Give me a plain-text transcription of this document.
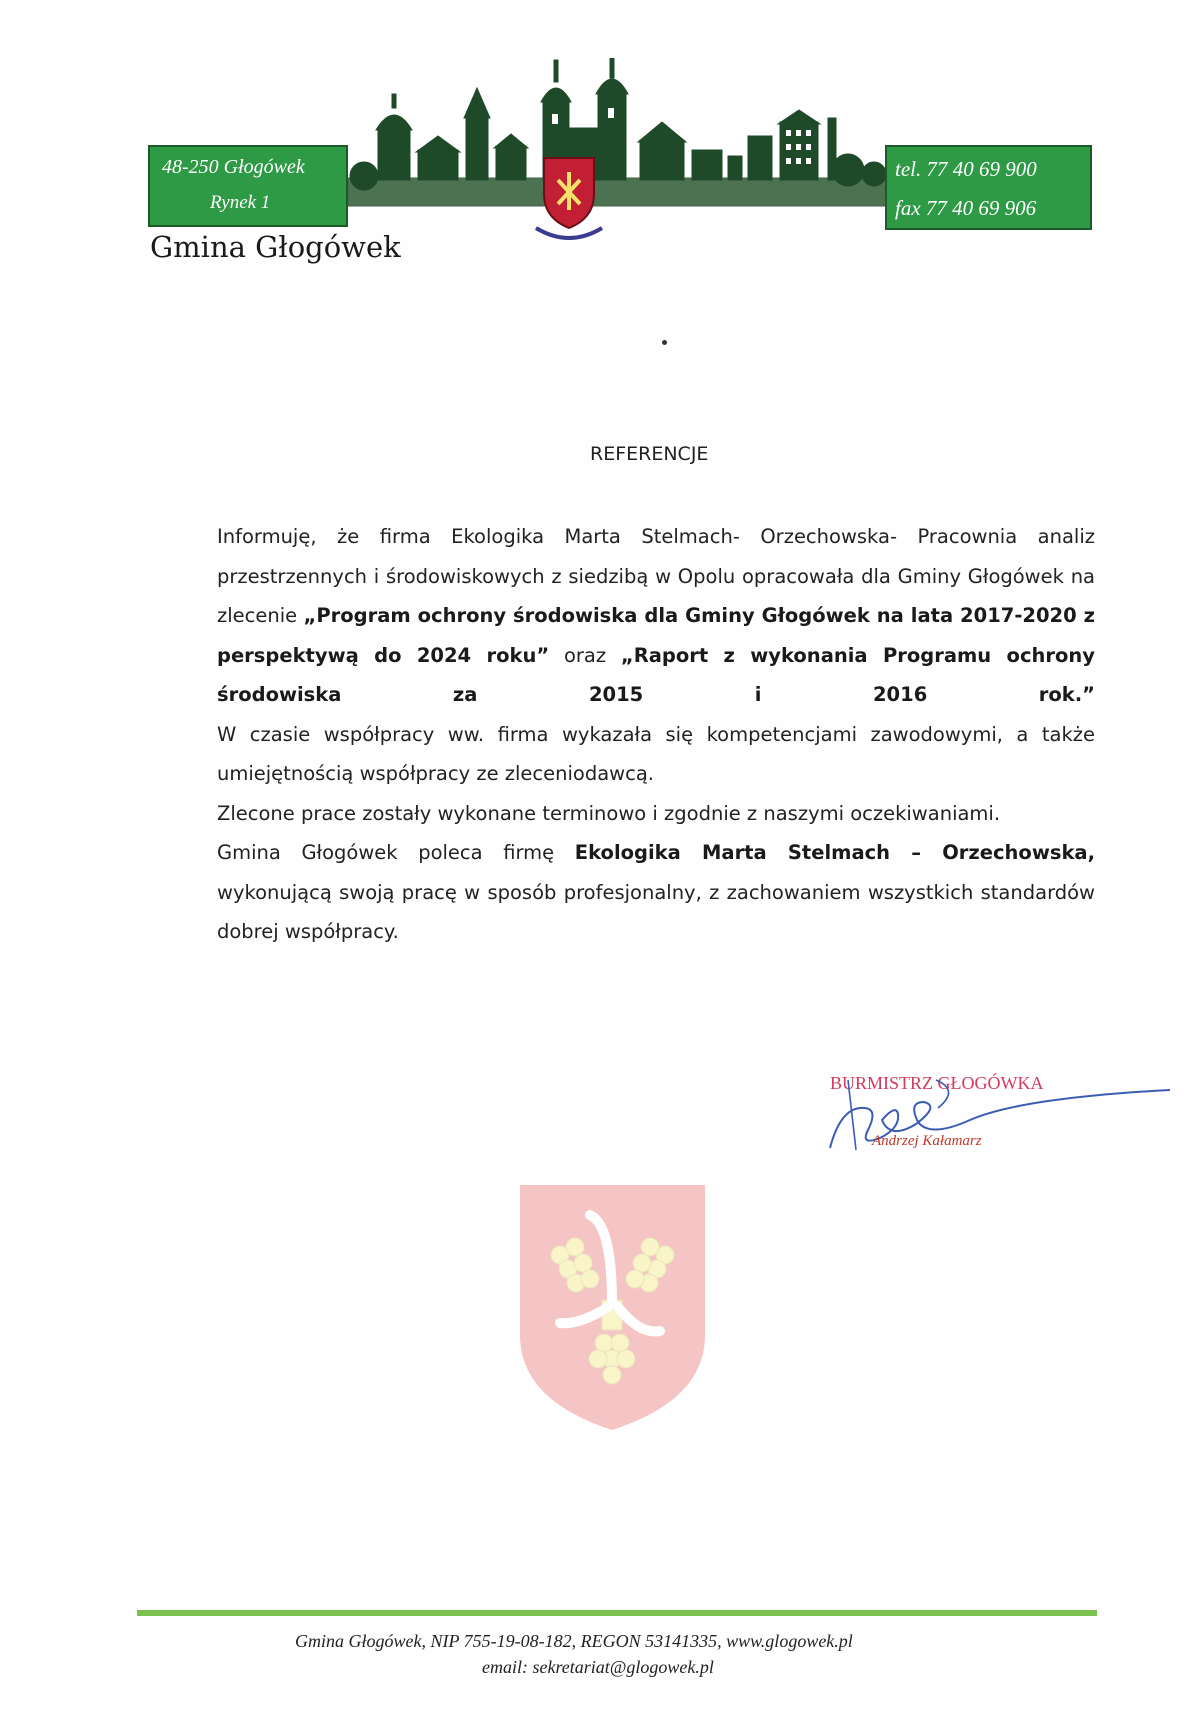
48-250 Głogówek
Rynek 1
tel. 77 40 69 900
fax 77 40 69 906
Gmina Głogówek
REFERENCJE

Informuję, że firma Ekologika Marta Stelmach- Orzechowska- Pracownia analiz przestrzennych i środowiskowych z siedzibą w Opolu opracowała dla Gminy Głogówek na zlecenie „Program ochrony środowiska dla Gminy Głogówek na lata 2017-2020 z perspektywą do 2024 roku” oraz „Raport z wykonania Programu ochrony środowiska za 2015 i 2016 rok.”

W czasie współpracy ww. firma wykazała się kompetencjami zawodowymi, a także umiejętnością współpracy ze zleceniodawcą.

Zlecone prace zostały wykonane terminowo i zgodnie z naszymi oczekiwaniami.

Gmina Głogówek poleca firmę Ekologika Marta Stelmach – Orzechowska, wykonującą swoją pracę w sposób profesjonalny, z zachowaniem wszystkich standardów dobrej współpracy.

BURMISTRZ GŁOGÓWKA
Andrzej Kałamarz
Gmina Głogówek, NIP 755-19-08-182, REGON 53141335, www.glogowek.pl
email: sekretariat@glogowek.pl
